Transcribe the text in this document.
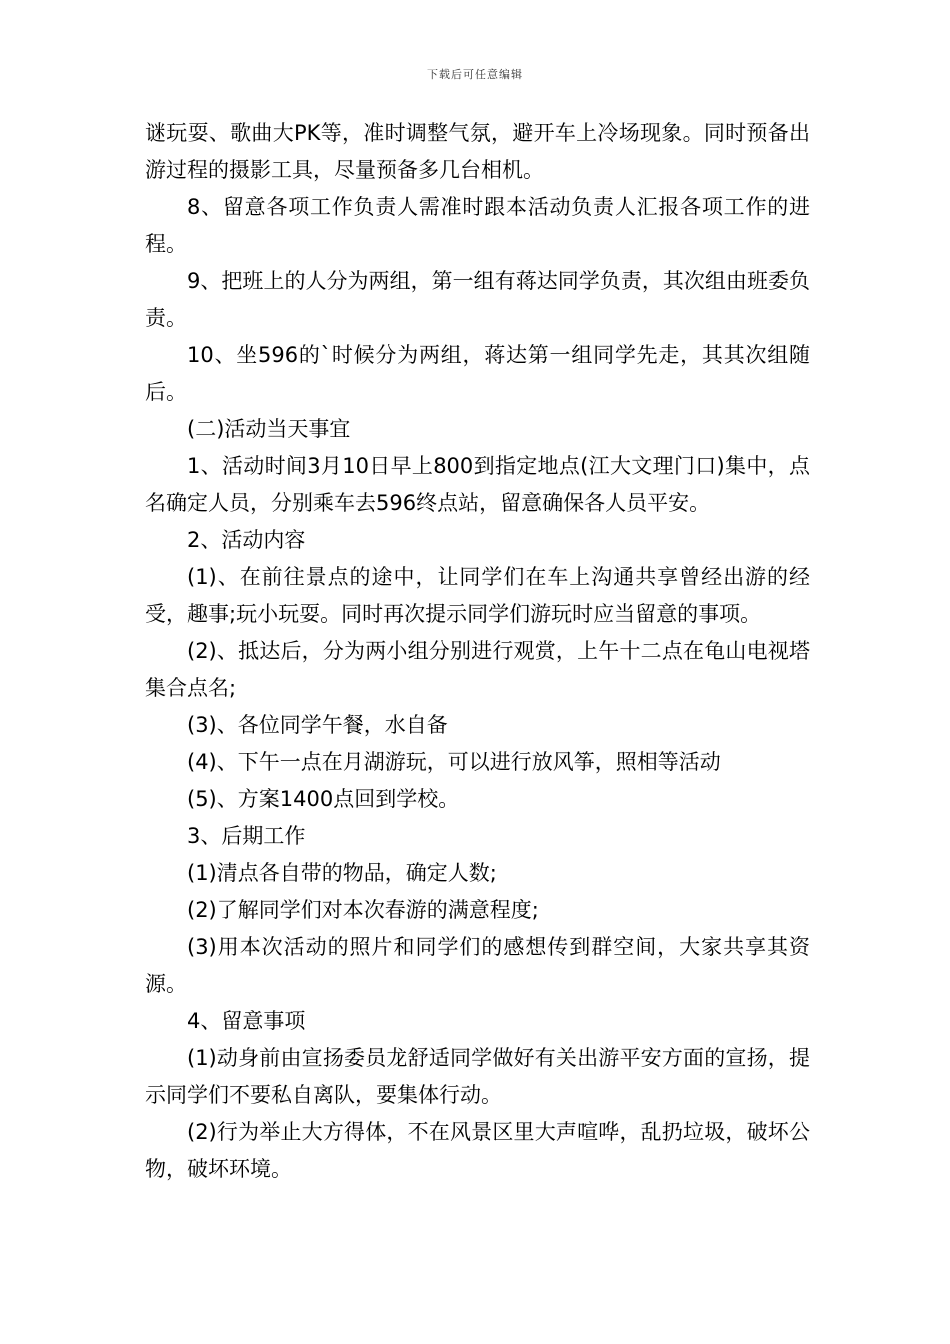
下载后可任意编辑

谜玩耍、歌曲大PK等，准时调整气氛，避开车上冷场现象。同时预备出游过程的摄影工具，尽量预备多几台相机。

8、留意各项工作负责人需准时跟本活动负责人汇报各项工作的进程。

9、把班上的人分为两组，第一组有蒋达同学负责，其次组由班委负责。

10、坐596的`时候分为两组，蒋达第一组同学先走，其其次组随后。

(二)活动当天事宜

1、活动时间3月10日早上800到指定地点(江大文理门口)集中，点名确定人员，分别乘车去596终点站，留意确保各人员平安。

2、活动内容

(1)、在前往景点的途中，让同学们在车上沟通共享曾经出游的经受，趣事;玩小玩耍。同时再次提示同学们游玩时应当留意的事项。

(2)、抵达后，分为两小组分别进行观赏，上午十二点在龟山电视塔集合点名;

(3)、各位同学午餐，水自备

(4)、下午一点在月湖游玩，可以进行放风筝，照相等活动

(5)、方案1400点回到学校。

3、后期工作

(1)清点各自带的物品，确定人数;

(2)了解同学们对本次春游的满意程度;

(3)用本次活动的照片和同学们的感想传到群空间，大家共享其资源。

4、留意事项

(1)动身前由宣扬委员龙舒适同学做好有关出游平安方面的宣扬，提示同学们不要私自离队，要集体行动。

(2)行为举止大方得体，不在风景区里大声喧哗，乱扔垃圾，破坏公物，破坏环境。
